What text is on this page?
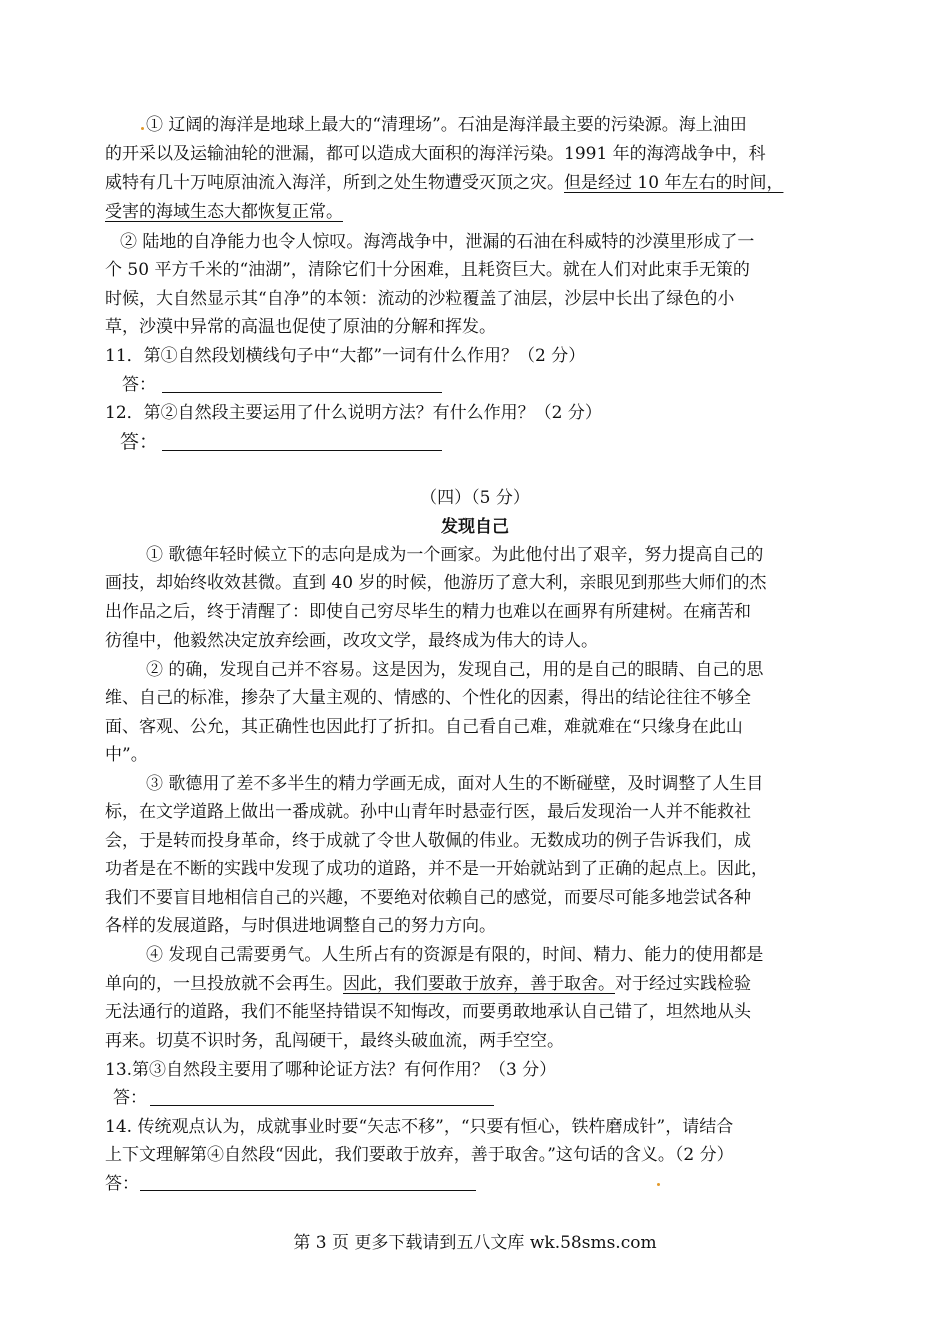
① 辽阔的海洋是地球上最大的“清理场”。石油是海洋最主要的污染源。海上油田
的开采以及运输油轮的泄漏，都可以造成大面积的海洋污染。1991 年的海湾战争中，科
威特有几十万吨原油流入海洋，所到之处生物遭受灭顶之灾。但是经过 10 年左右的时间，
受害的海域生态大都恢复正常。
② 陆地的自净能力也令人惊叹。海湾战争中，泄漏的石油在科威特的沙漠里形成了一
个 50 平方千米的“油湖”，清除它们十分困难，且耗资巨大。就在人们对此束手无策的
时候，大自然显示其“自净”的本领：流动的沙粒覆盖了油层，沙层中长出了绿色的小
草，沙漠中异常的高温也促使了原油的分解和挥发。
11．第①自然段划横线句子中“大都”一词有什么作用？（2 分）
答：
12．第②自然段主要运用了什么说明方法？有什么作用？（2 分）
答：
（四）（5 分）
发现自己
① 歌德年轻时候立下的志向是成为一个画家。为此他付出了艰辛，努力提高自己的
画技，却始终收效甚微。直到 40 岁的时候，他游历了意大利，亲眼见到那些大师们的杰
出作品之后，终于清醒了：即使自己穷尽毕生的精力也难以在画界有所建树。在痛苦和
彷徨中，他毅然决定放弃绘画，改攻文学，最终成为伟大的诗人。
② 的确，发现自己并不容易。这是因为，发现自己，用的是自己的眼睛、自己的思
维、自己的标准，掺杂了大量主观的、情感的、个性化的因素，得出的结论往往不够全
面、客观、公允，其正确性也因此打了折扣。自己看自己难，难就难在“只缘身在此山
中”。
③ 歌德用了差不多半生的精力学画无成，面对人生的不断碰壁，及时调整了人生目
标，在文学道路上做出一番成就。孙中山青年时悬壶行医，最后发现治一人并不能救社
会，于是转而投身革命，终于成就了令世人敬佩的伟业。无数成功的例子告诉我们，成
功者是在不断的实践中发现了成功的道路，并不是一开始就站到了正确的起点上。因此，
我们不要盲目地相信自己的兴趣，不要绝对依赖自己的感觉，而要尽可能多地尝试各种
各样的发展道路，与时俱进地调整自己的努力方向。
④ 发现自己需要勇气。人生所占有的资源是有限的，时间、精力、能力的使用都是
单向的，一旦投放就不会再生。因此，我们要敢于放弃，善于取舍。对于经过实践检验
无法通行的道路，我们不能坚持错误不知悔改，而要勇敢地承认自己错了，坦然地从头
再来。切莫不识时务，乱闯硬干，最终头破血流，两手空空。
13.第③自然段主要用了哪种论证方法？有何作用？（3 分）
答：
14. 传统观点认为，成就事业时要“矢志不移”，“只要有恒心，铁杵磨成针”，请结合
上下文理解第④自然段“因此，我们要敢于放弃，善于取舍。”这句话的含义。（2 分）
答：
第 3 页 更多下载请到五八文库 wk.58sms.com
